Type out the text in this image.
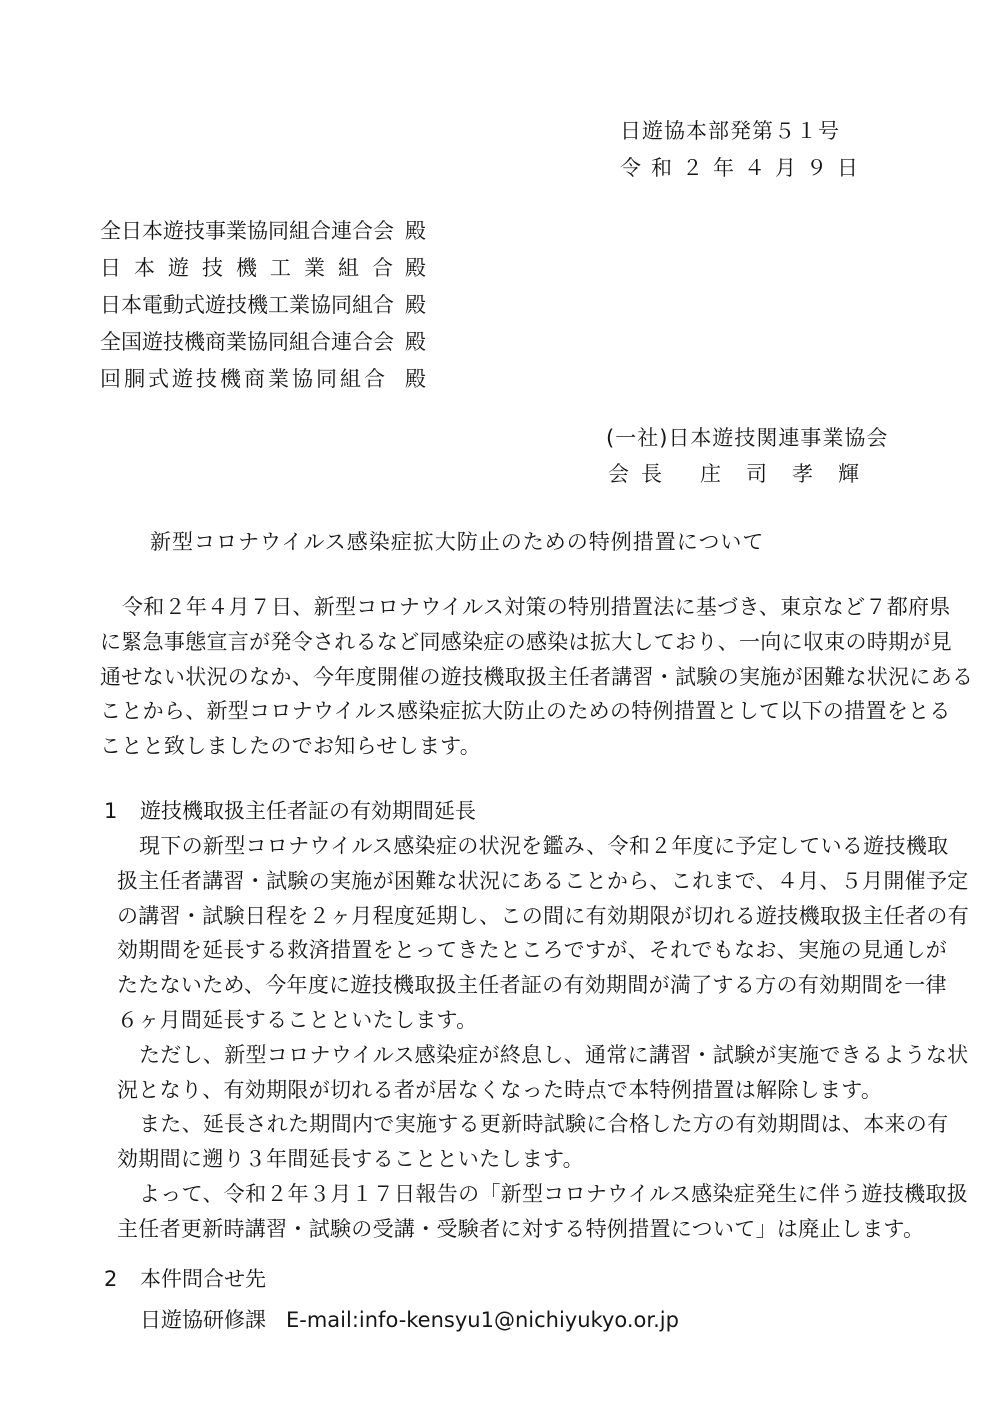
日遊協本部発第５１号
令和２年４月９日
全日本遊技事業協同組合連合会 殿
日本遊技機工業組合 殿
日本電動式遊技機工業協同組合 殿
全国遊技機商業協同組合連合会 殿
回胴式遊技機商業協同組合 殿
(一社)日本遊技関連事業協会
会長 庄司孝輝
新型コロナウイルス感染症拡大防止のための特例措置について
令和２年４月７日、新型コロナウイルス対策の特別措置法に基づき、東京など７都府県
に緊急事態宣言が発令されるなど同感染症の感染は拡大しており、一向に収束の時期が見
通せない状況のなか、今年度開催の遊技機取扱主任者講習・試験の実施が困難な状況にある
ことから、新型コロナウイルス感染症拡大防止のための特例措置として以下の措置をとる
ことと致しましたのでお知らせします。
1 遊技機取扱主任者証の有効期間延長
現下の新型コロナウイルス感染症の状況を鑑み、令和２年度に予定している遊技機取
扱主任者講習・試験の実施が困難な状況にあることから、これまで、４月、５月開催予定
の講習・試験日程を２ヶ月程度延期し、この間に有効期限が切れる遊技機取扱主任者の有
効期間を延長する救済措置をとってきたところですが、それでもなお、実施の見通しが
たたないため、今年度に遊技機取扱主任者証の有効期間が満了する方の有効期間を一律
６ヶ月間延長することといたします。
ただし、新型コロナウイルス感染症が終息し、通常に講習・試験が実施できるような状
況となり、有効期限が切れる者が居なくなった時点で本特例措置は解除します。
また、延長された期間内で実施する更新時試験に合格した方の有効期間は、本来の有
効期間に遡り３年間延長することといたします。
よって、令和２年３月１７日報告の「新型コロナウイルス感染症発生に伴う遊技機取扱
主任者更新時講習・試験の受講・受験者に対する特例措置について」は廃止します。
2 本件問合せ先
日遊協研修課 E-mail:info-kensyu1@nichiyukyo.or.jp
